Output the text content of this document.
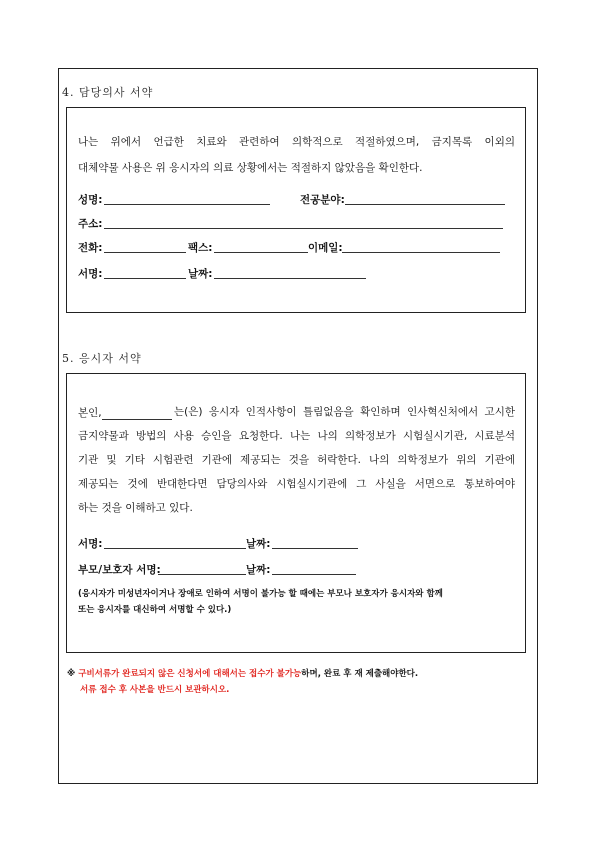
4. 담당의사 서약
나는 위에서 언급한 치료와 관련하여 의학적으로 적절하였으며, 금지목록 이외의
대체약물 사용은 위 응시자의 의료 상황에서는 적절하지 않았음을 확인한다.
성명:	전공분야:
주소:
전화:	팩스:	이메일:
서명:	날짜:
5. 응시자 서약
본인,	는(은) 응시자 인적사항이 틀림없음을 확인하며 인사혁신처에서 고시한
금지약물과 방법의 사용 승인을 요청한다. 나는 나의 의학정보가 시험실시기관, 시료분석
기관 및 기타 시험관련 기관에 제공되는 것을 허락한다. 나의 의학정보가 위의 기관에
제공되는 것에 반대한다면 담당의사와 시험실시기관에 그 사실을 서면으로 통보하여야
하는 것을 이해하고 있다.
서명:	날짜:
부모/보호자 서명:	날짜:
(응시자가 미성년자이거나 장애로 인하여 서명이 불가능 할 때에는 부모나 보호자가 응시자와 함께
또는 응시자를 대신하여 서명할 수 있다.)
※ 구비서류가 완료되지 않은 신청서에 대해서는 접수가 불가능하며, 완료 후 재 제출해야한다.
서류 접수 후 사본을 반드시 보관하시오.
